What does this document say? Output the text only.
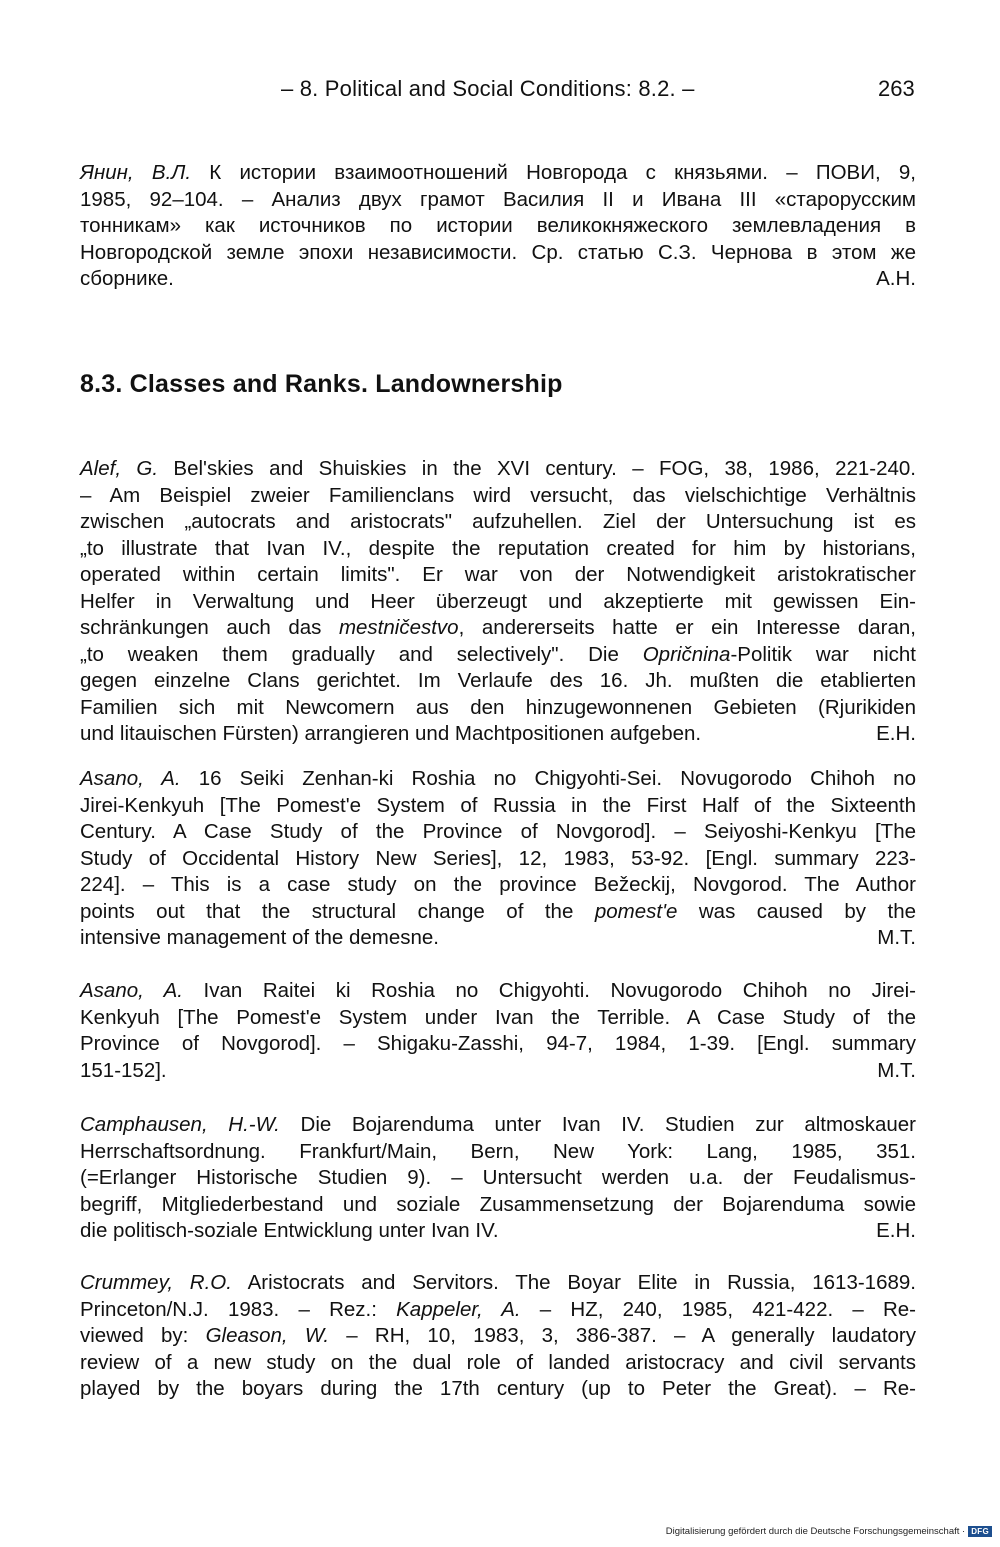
– 8. Political and Social Conditions: 8.2. –	263
Янин, В.Л. К истории взаимоотношений Новгорода с князьями. – ПОВИ, 9,
1985, 92–104. – Анализ двух грамот Василия II и Ивана III «старорусским
тонникам» как источников по истории великокняжеского землевладения в
Новгородской земле эпохи независимости. Ср. статью С.З. Чернова в этом же
сборнике.	А.Н.
8.3. Classes and Ranks. Landownership
Alef, G. Bel'skies and Shuiskies in the XVI century. – FOG, 38, 1986, 221-240.
– Am Beispiel zweier Familienclans wird versucht, das vielschichtige Verhältnis
zwischen „autocrats and aristocrats" aufzuhellen. Ziel der Untersuchung ist es
„to illustrate that Ivan IV., despite the reputation created for him by historians,
operated within certain limits". Er war von der Notwendigkeit aristokratischer
Helfer in Verwaltung und Heer überzeugt und akzeptierte mit gewissen Ein-
schränkungen auch das mestničestvo, andererseits hatte er ein Interesse daran,
„to weaken them gradually and selectively". Die Opričnina-Politik war nicht
gegen einzelne Clans gerichtet. Im Verlaufe des 16. Jh. mußten die etablierten
Familien sich mit Newcomern aus den hinzugewonnenen Gebieten (Rjurikiden
und litauischen Fürsten) arrangieren und Machtpositionen aufgeben.	E.H.
Asano, A. 16 Seiki Zenhan-ki Roshia no Chigyohti-Sei. Novugorodo Chihoh no
Jirei-Kenkyuh [The Pomest'e System of Russia in the First Half of the Sixteenth
Century. A Case Study of the Province of Novgorod]. – Seiyoshi-Kenkyu [The
Study of Occidental History New Series], 12, 1983, 53-92. [Engl. summary 223-
224]. – This is a case study on the province Bežeckij, Novgorod. The Author
points out that the structural change of the pomest'e was caused by the
intensive management of the demesne.	M.T.
Asano, A. Ivan Raitei ki Roshia no Chigyohti. Novugorodo Chihoh no Jirei-
Kenkyuh [The Pomest'e System under Ivan the Terrible. A Case Study of the
Province of Novgorod]. – Shigaku-Zasshi, 94-7, 1984, 1-39. [Engl. summary
151-152].	M.T.
Camphausen, H.-W. Die Bojarenduma unter Ivan IV. Studien zur altmoskauer
Herrschaftsordnung. Frankfurt/Main, Bern, New York: Lang, 1985, 351.
(=Erlanger Historische Studien 9). – Untersucht werden u.a. der Feudalismus-
begriff, Mitgliederbestand und soziale Zusammensetzung der Bojarenduma sowie
die politisch-soziale Entwicklung unter Ivan IV.	E.H.
Crummey, R.O. Aristocrats and Servitors. The Boyar Elite in Russia, 1613-1689.
Princeton/N.J. 1983. – Rez.: Kappeler, A. – HZ, 240, 1985, 421-422. – Re-
viewed by: Gleason, W. – RH, 10, 1983, 3, 386-387. – A generally laudatory
review of a new study on the dual role of landed aristocracy and civil servants
played by the boyars during the 17th century (up to Peter the Great). – Re-
Digitalisierung gefördert durch die Deutsche Forschungsgemeinschaft · DFG
